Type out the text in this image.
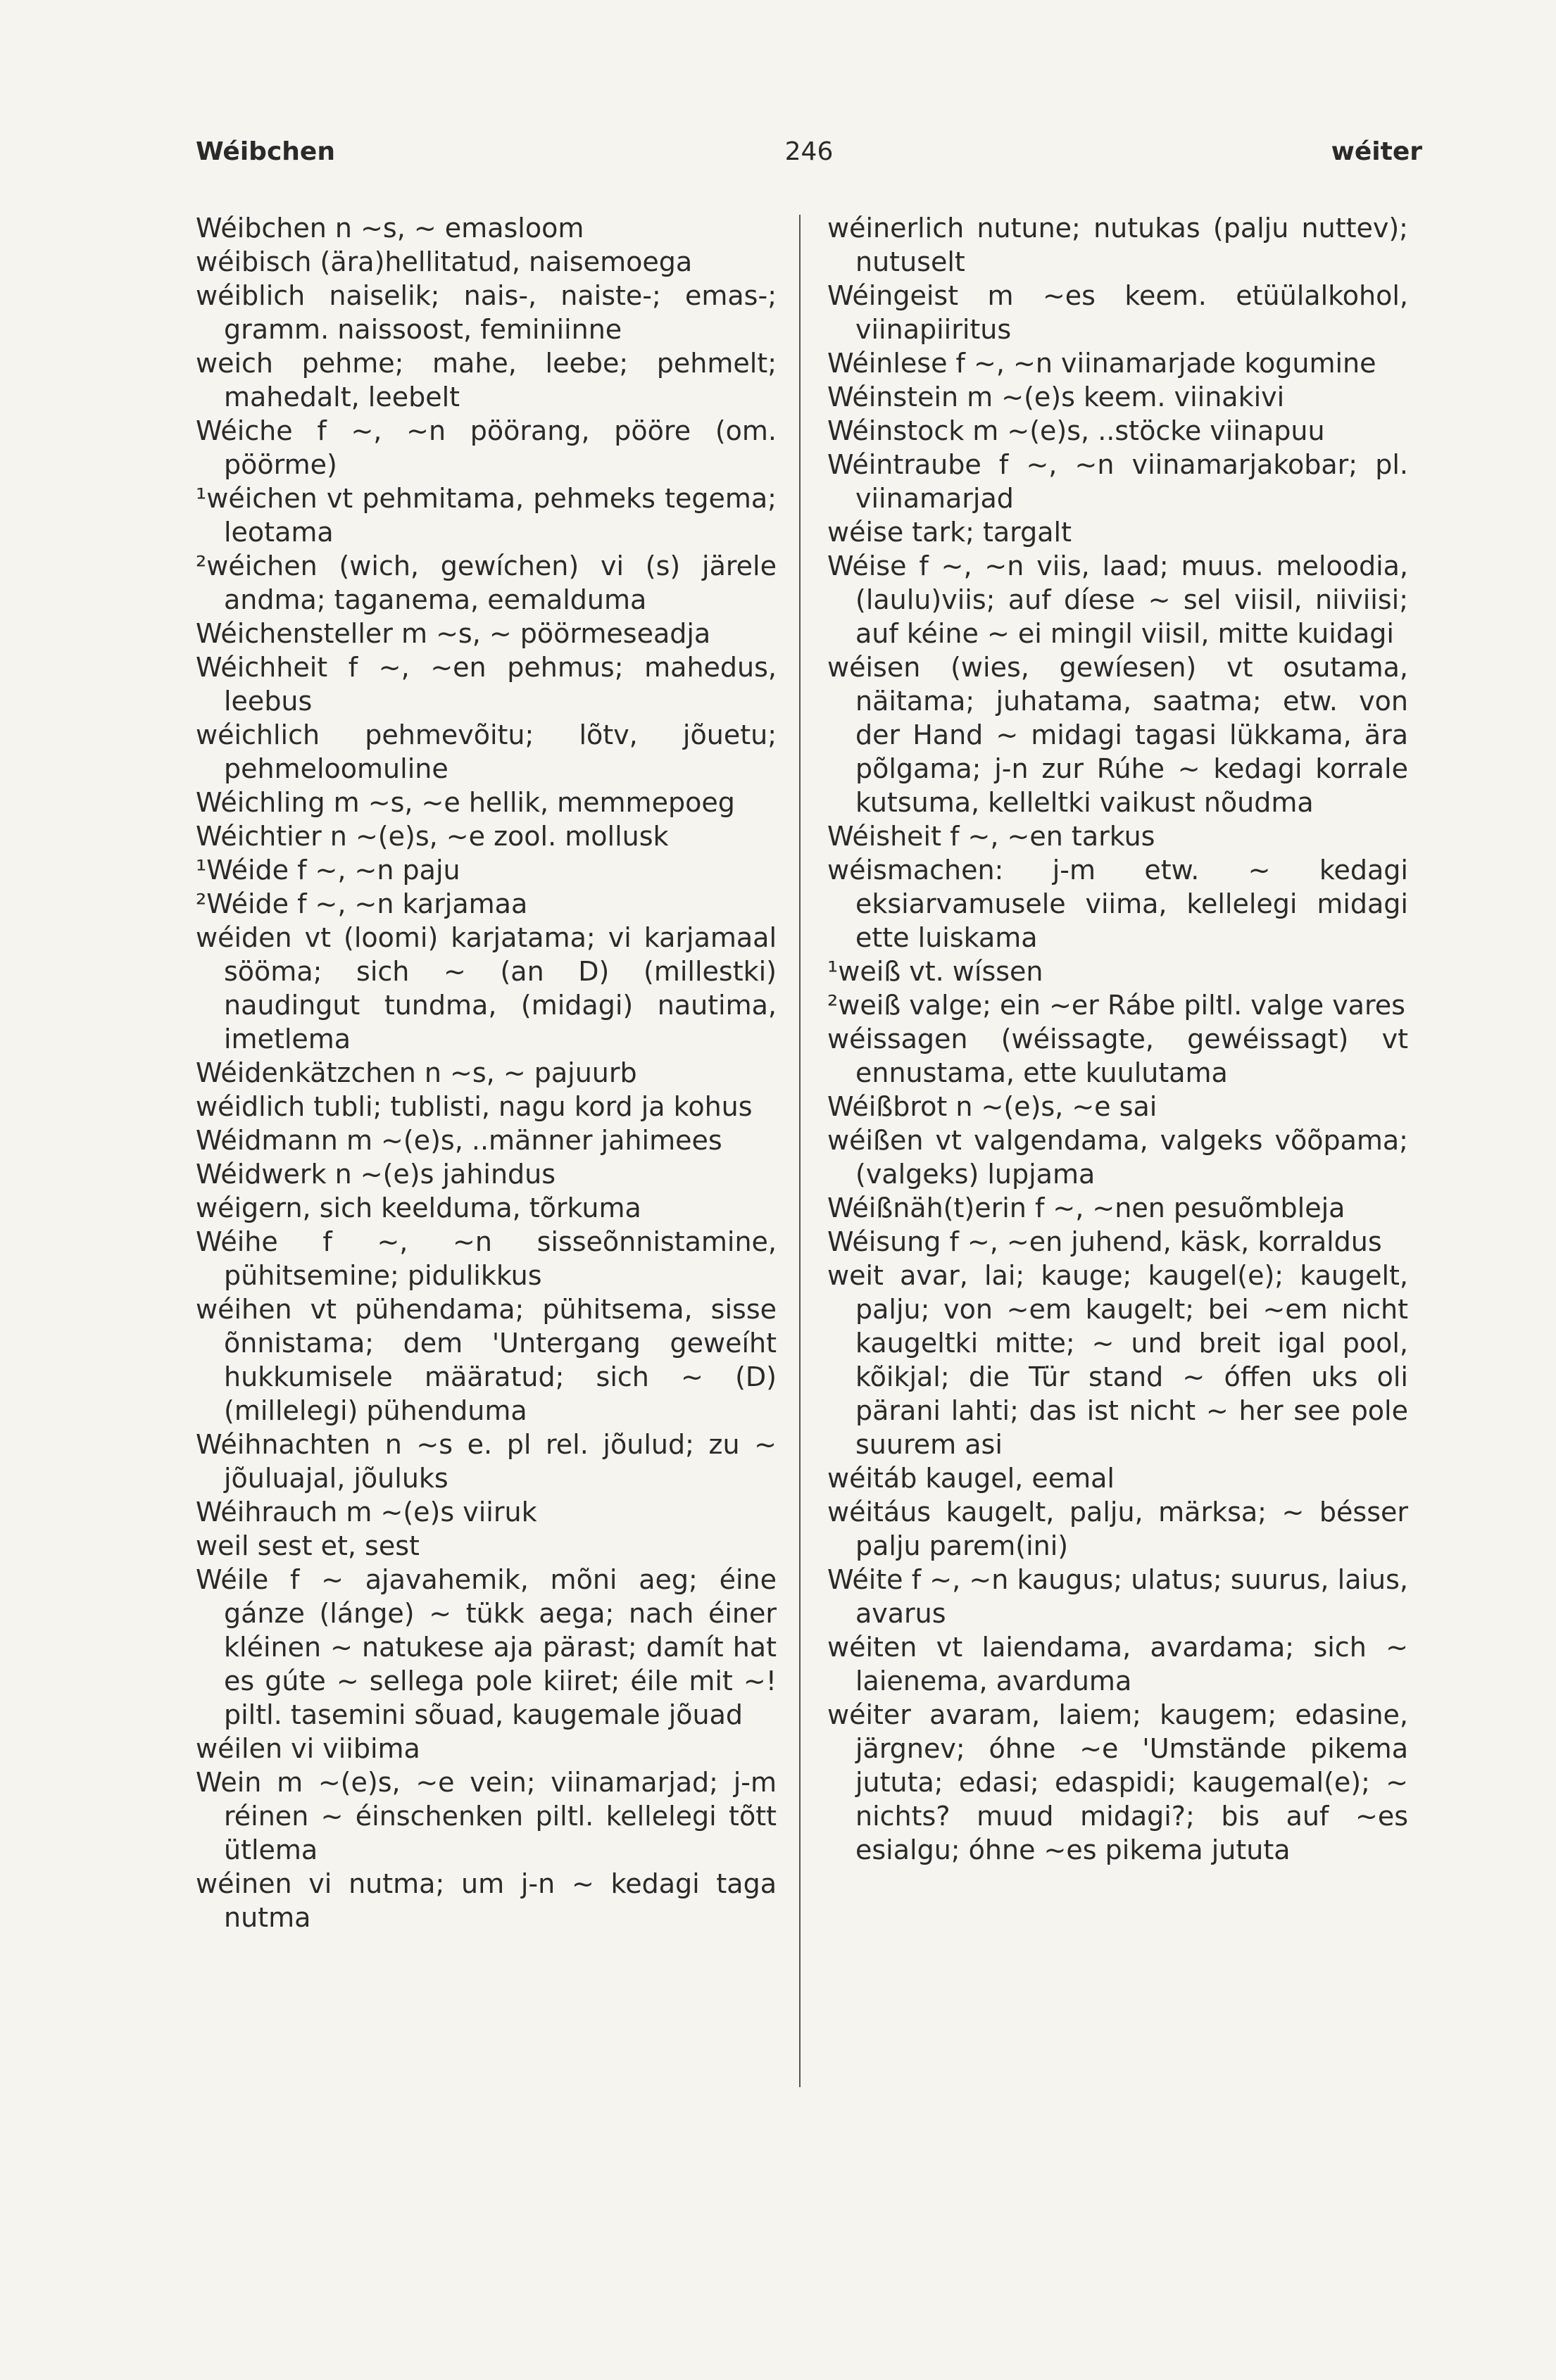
Wéibchen	246	wéiter

Wéibchen n ~s, ~ emasloom

wéibisch (ära)hellitatud, naisemoega

wéiblich naiselik; nais-, naiste-; emas-; gramm. naissoost, feminiinne

weich pehme; mahe, leebe; pehmelt; mahedalt, leebelt

Wéiche f ~, ~n pöörang, pööre (om. pöörme)

¹wéichen vt pehmitama, pehmeks tegema; leotama

²wéichen (wich, gewíchen) vi (s) järele andma; taganema, eemalduma

Wéichensteller m ~s, ~ pöörmeseadja

Wéichheit f ~, ~en pehmus; mahedus, leebus

wéichlich pehmevõitu; lõtv, jõuetu; pehmeloomuline

Wéichling m ~s, ~e hellik, memmepoeg

Wéichtier n ~(e)s, ~e zool. mollusk

¹Wéide f ~, ~n paju

²Wéide f ~, ~n karjamaa

wéiden vt (loomi) karjatama; vi karjamaal sööma; sich ~ (an D) (millestki) naudingut tundma, (midagi) nautima, imetlema

Wéidenkätzchen n ~s, ~ pajuurb

wéidlich tubli; tublisti, nagu kord ja kohus

Wéidmann m ~(e)s, ..männer jahimees

Wéidwerk n ~(e)s jahindus

wéigern, sich keelduma, tõrkuma

Wéihe f ~, ~n sisseõnnistamine, pühitsemine; pidulikkus

wéihen vt pühendama; pühitsema, sisse õnnistama; dem 'Untergang geweíht hukkumisele määratud; sich ~ (D) (millelegi) pühenduma

Wéihnachten n ~s e. pl rel. jõulud; zu ~ jõuluajal, jõuluks

Wéihrauch m ~(e)s viiruk

weil sest et, sest

Wéile f ~ ajavahemik, mõni aeg; éine gánze (lánge) ~ tükk aega; nach éiner kléinen ~ natukese aja pärast; damít hat es gúte ~ sellega pole kiiret; éile mit ~! piltl. tasemini sõuad, kaugemale jõuad

wéilen vi viibima

Wein m ~(e)s, ~e vein; viinamarjad; j-m réinen ~ éinschenken piltl. kellelegi tõtt ütlema

wéinen vi nutma; um j-n ~ kedagi taga nutma

wéinerlich nutune; nutukas (palju nuttev); nutuselt

Wéingeist m ~es keem. etüülalkohol, viinapiiritus

Wéinlese f ~, ~n viinamarjade kogumine

Wéinstein m ~(e)s keem. viinakivi

Wéinstock m ~(e)s, ..stöcke viinapuu

Wéintraube f ~, ~n viinamarjakobar; pl. viinamarjad

wéise tark; targalt

Wéise f ~, ~n viis, laad; muus. meloodia, (laulu)viis; auf díese ~ sel viisil, niiviisi; auf kéine ~ ei mingil viisil, mitte kuidagi

wéisen (wies, gewíesen) vt osutama, näitama; juhatama, saatma; etw. von der Hand ~ midagi tagasi lükkama, ära põlgama; j-n zur Rúhe ~ kedagi korrale kutsuma, kelleltki vaikust nõudma

Wéisheit f ~, ~en tarkus

wéismachen: j-m etw. ~ kedagi eksiarvamusele viima, kellelegi midagi ette luiskama

¹weiß vt. wíssen

²weiß valge; ein ~er Rábe piltl. valge vares

wéissagen (wéissagte, gewéissagt) vt ennustama, ette kuulutama

Wéißbrot n ~(e)s, ~e sai

wéißen vt valgendama, valgeks võõpama; (valgeks) lupjama

Wéißnäh(t)erin f ~, ~nen pesuõmbleja

Wéisung f ~, ~en juhend, käsk, korraldus

weit avar, lai; kauge; kaugel(e); kaugelt, palju; von ~em kaugelt; bei ~em nicht kaugeltki mitte; ~ und breit igal pool, kõikjal; die Tür stand ~ óffen uks oli pärani lahti; das ist nicht ~ her see pole suurem asi

wéitáb kaugel, eemal

wéitáus kaugelt, palju, märksa; ~ bésser palju parem(ini)

Wéite f ~, ~n kaugus; ulatus; suurus, laius, avarus

wéiten vt laiendama, avardama; sich ~ laienema, avarduma

wéiter avaram, laiem; kaugem; edasine, järgnev; óhne ~e 'Umstände pikema jututa; edasi; edaspidi; kaugemal(e); ~ nichts? muud midagi?; bis auf ~es esialgu; óhne ~es pikema jututa
